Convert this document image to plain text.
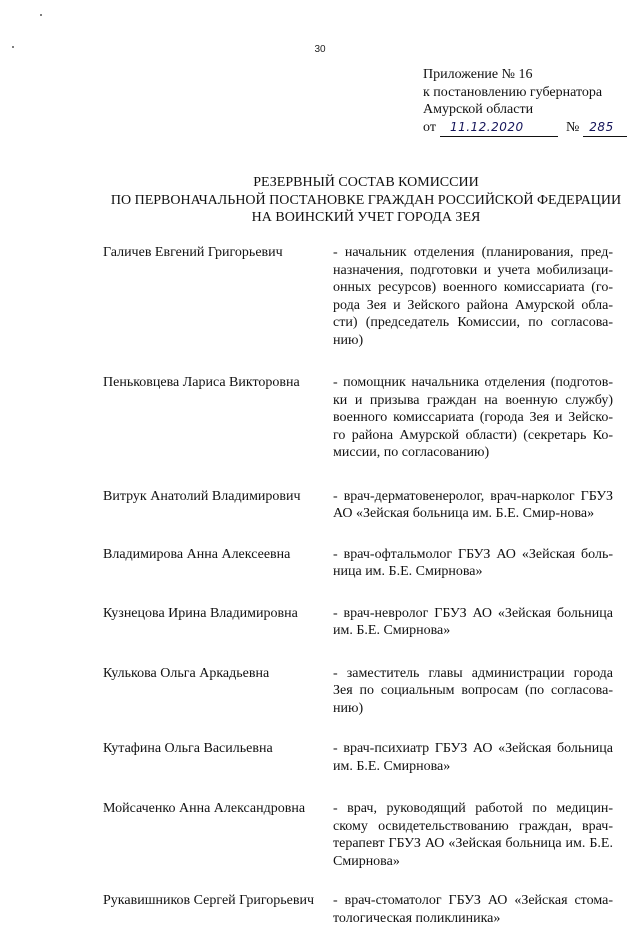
30
Приложение № 16
к постановлению губернатора
Амурской области
от	11.12.2020	№ 285
РЕЗЕРВНЫЙ СОСТАВ КОМИССИИ
ПО ПЕРВОНАЧАЛЬНОЙ ПОСТАНОВКЕ ГРАЖДАН РОССИЙСКОЙ ФЕДЕРАЦИИ
НА ВОИНСКИЙ УЧЕТ ГОРОДА ЗЕЯ
Галичев Евгений Григорьевич	- начальник отделения (планирования, пред-назначения, подготовки и учета мобилизаци-онных ресурсов) военного комиссариата (го-рода Зея и Зейского района Амурской обла-сти) (председатель Комиссии, по согласова-нию)
Пеньковцева Лариса Викторовна	- помощник начальника отделения (подготов-ки и призыва граждан на военную службу) военного комиссариата (города Зея и Зейско-го района Амурской области) (секретарь Ко-миссии, по согласованию)
Витрук Анатолий Владимирович	- врач-дерматовенеролог, врач-нарколог ГБУЗ АО «Зейская больница им. Б.Е. Смир-нова»
Владимирова Анна Алексеевна	- врач-офтальмолог ГБУЗ АО «Зейская боль-ница им. Б.Е. Смирнова»
Кузнецова Ирина Владимировна	- врач-невролог ГБУЗ АО «Зейская больница им. Б.Е. Смирнова»
Кулькова Ольга Аркадьевна	- заместитель главы администрации города Зея по социальным вопросам (по согласова-нию)
Кутафина Ольга Васильевна	- врач-психиатр ГБУЗ АО «Зейская больница им. Б.Е. Смирнова»
Мойсаченко Анна Александровна	- врач, руководящий работой по медицин-скому освидетельствованию граждан, врач-терапевт ГБУЗ АО «Зейская больница им. Б.Е. Смирнова»
Рукавишников Сергей Григорьевич	- врач-стоматолог ГБУЗ АО «Зейская стома-тологическая поликлиника»
